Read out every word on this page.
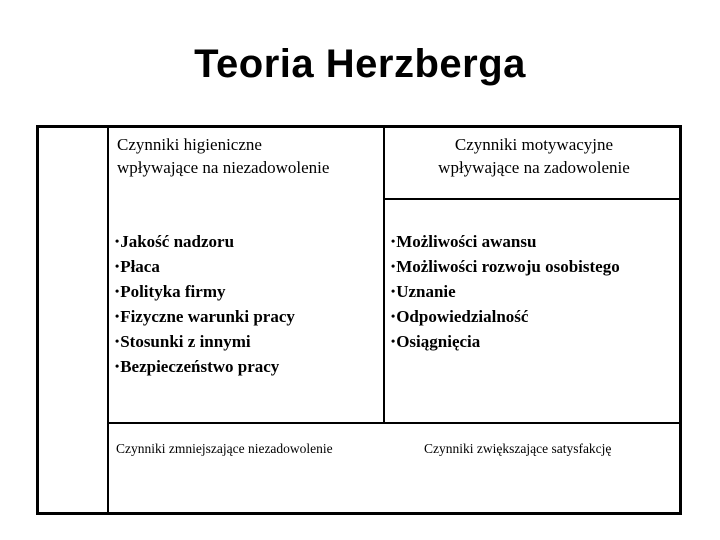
Teoria Herzberga
Czynniki higieniczne
wpływające na niezadowolenie
Czynniki motywacyjne
wpływające na zadowolenie
•Jakość nadzoru
•Płaca
•Polityka firmy
•Fizyczne warunki pracy
•Stosunki z innymi
•Bezpieczeństwo pracy
•Możliwości awansu
•Możliwości rozwoju osobistego
•Uznanie
•Odpowiedzialność
•Osiągnięcia
Czynniki zmniejszające niezadowolenie	Czynniki zwiększające satysfakcję
